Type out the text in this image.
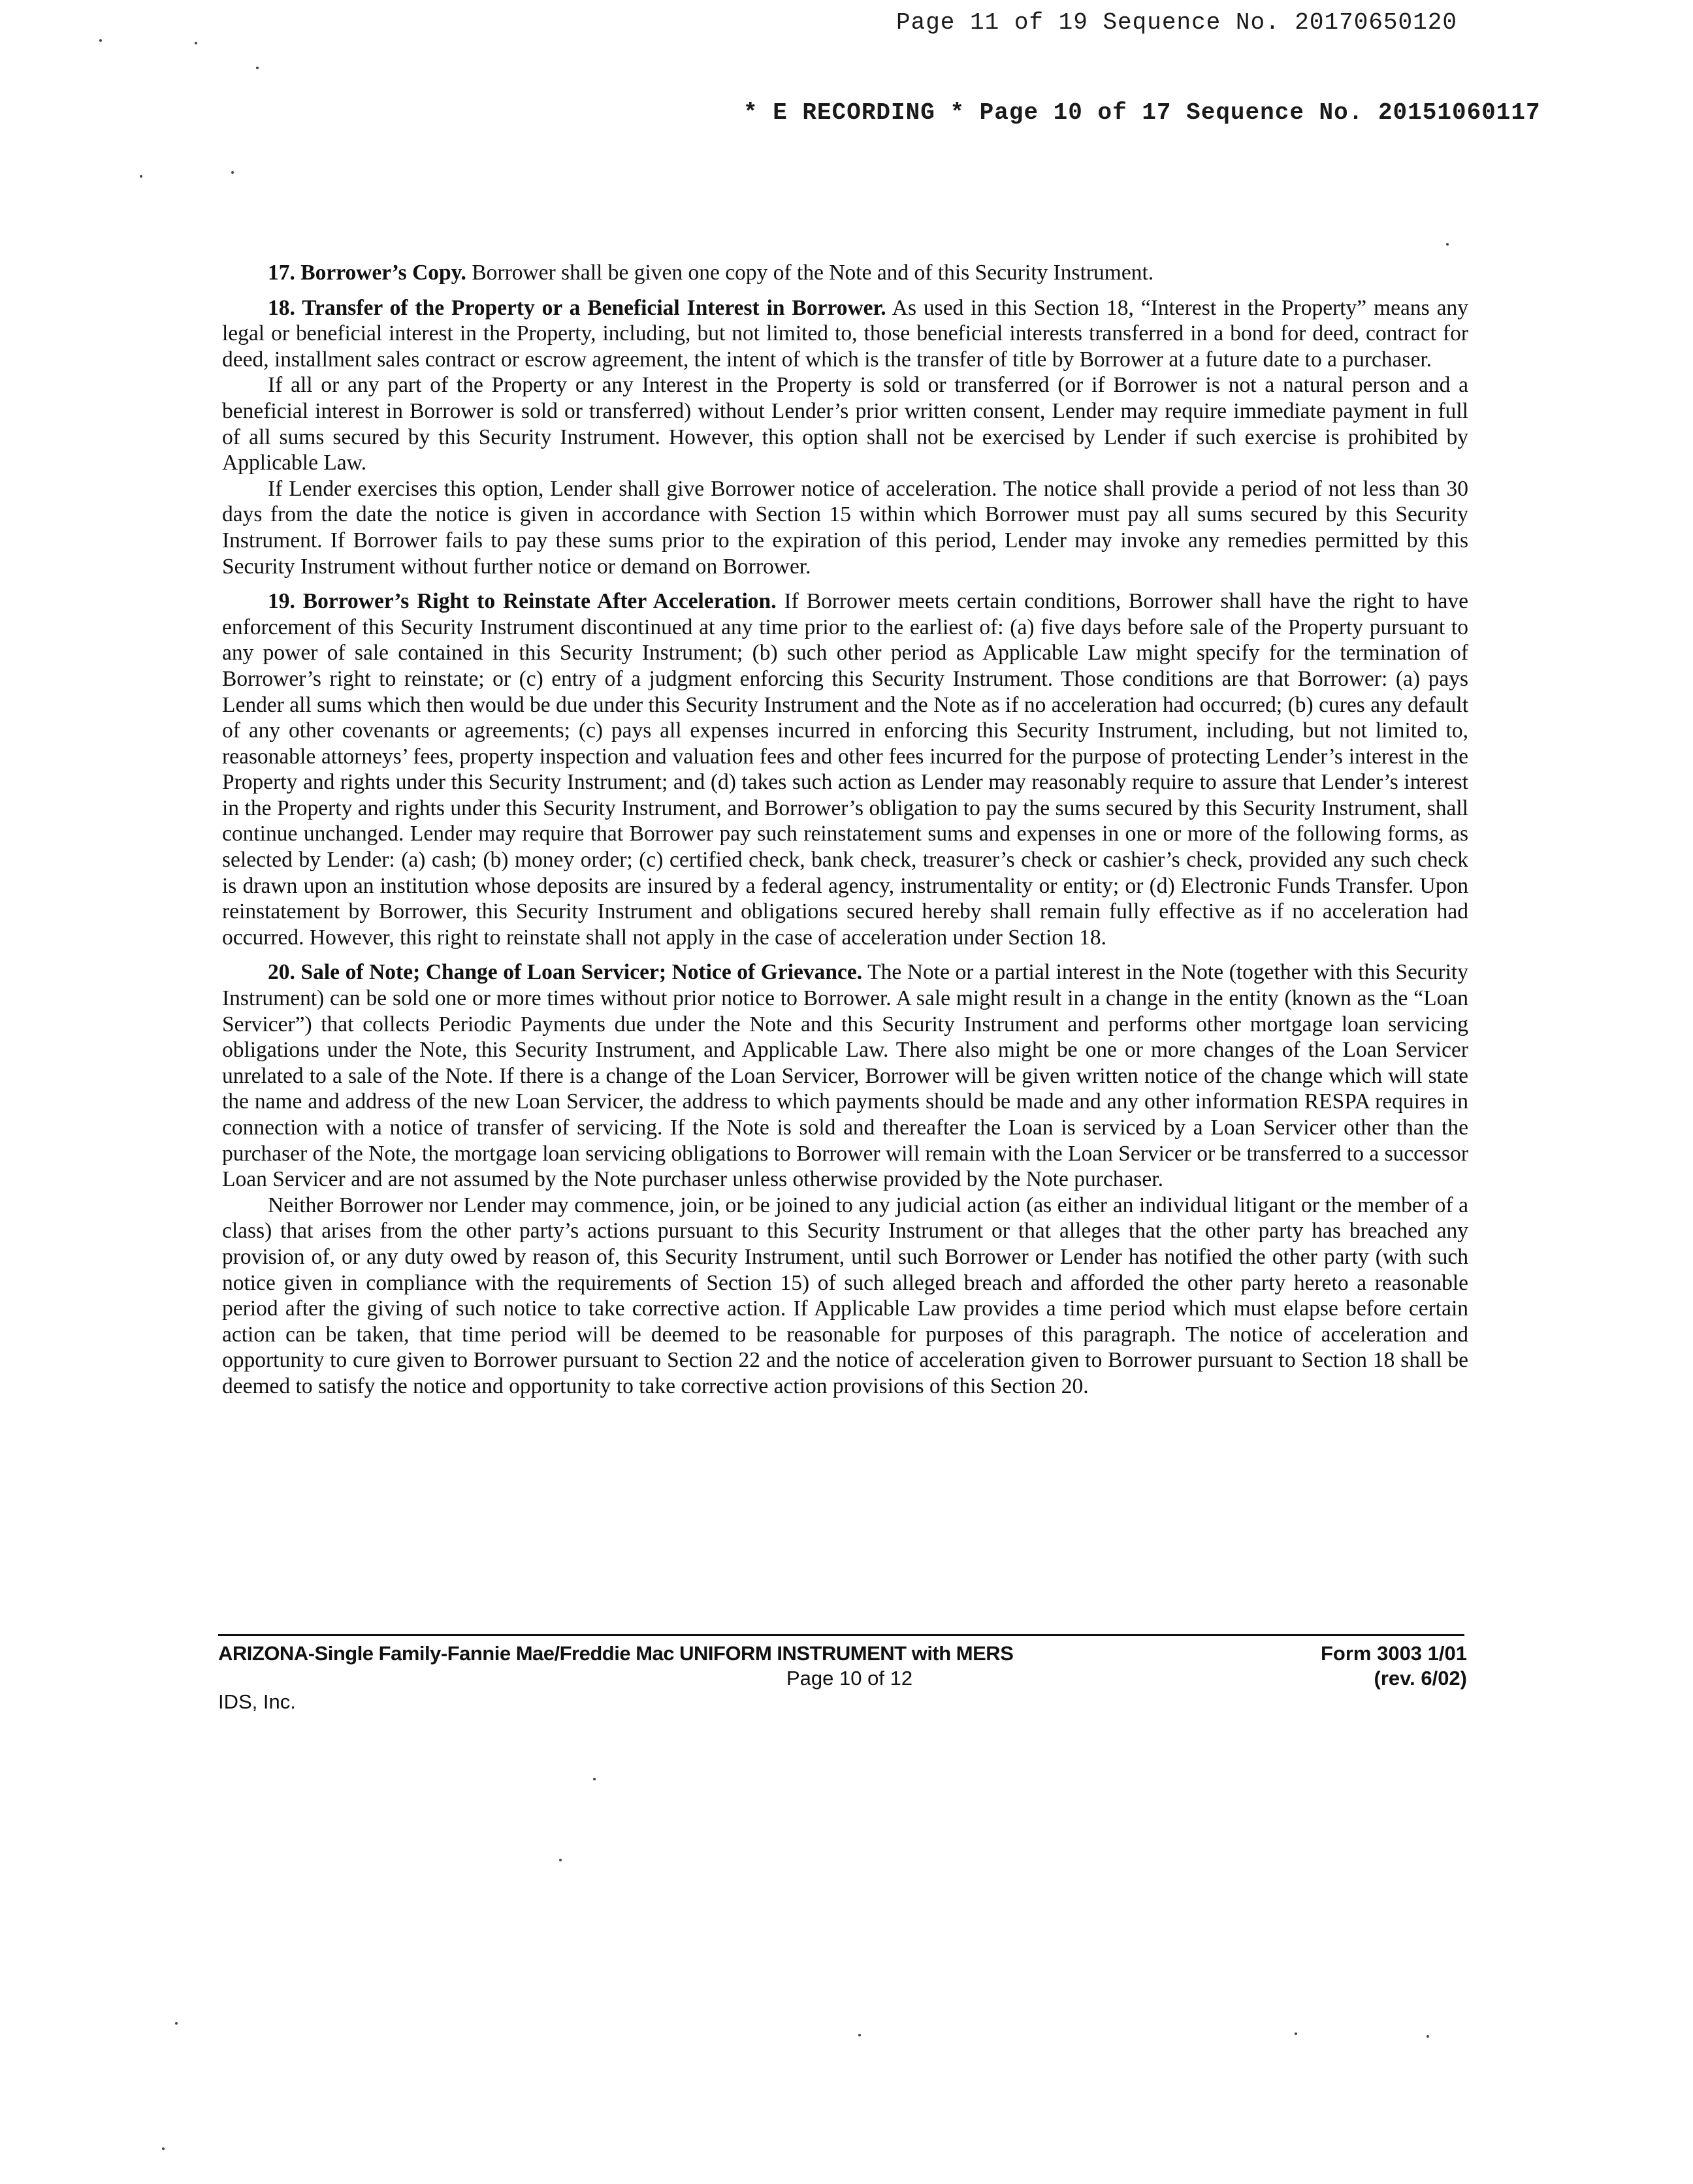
Page 11 of 19 Sequence No. 20170650120
* E RECORDING * Page 10 of 17 Sequence No. 20151060117

17. Borrower’s Copy. Borrower shall be given one copy of the Note and of this Security Instrument.

18. Transfer of the Property or a Beneficial Interest in Borrower. As used in this Section 18, “Interest in the Property” means any legal or beneficial interest in the Property, including, but not limited to, those beneficial interests transferred in a bond for deed, contract for deed, installment sales contract or escrow agreement, the intent of which is the transfer of title by Borrower at a future date to a purchaser.

If all or any part of the Property or any Interest in the Property is sold or transferred (or if Borrower is not a natural person and a beneficial interest in Borrower is sold or transferred) without Lender’s prior written consent, Lender may require immediate payment in full of all sums secured by this Security Instrument. However, this option shall not be exercised by Lender if such exercise is prohibited by Applicable Law.

If Lender exercises this option, Lender shall give Borrower notice of acceleration. The notice shall provide a period of not less than 30 days from the date the notice is given in accordance with Section 15 within which Borrower must pay all sums secured by this Security Instrument. If Borrower fails to pay these sums prior to the expiration of this period, Lender may invoke any remedies permitted by this Security Instrument without further notice or demand on Borrower.

19. Borrower’s Right to Reinstate After Acceleration. If Borrower meets certain conditions, Borrower shall have the right to have enforcement of this Security Instrument discontinued at any time prior to the earliest of: (a) five days before sale of the Property pursuant to any power of sale contained in this Security Instrument; (b) such other period as Applicable Law might specify for the termination of Borrower’s right to reinstate; or (c) entry of a judgment enforcing this Security Instrument. Those conditions are that Borrower: (a) pays Lender all sums which then would be due under this Security Instrument and the Note as if no acceleration had occurred; (b) cures any default of any other covenants or agreements; (c) pays all expenses incurred in enforcing this Security Instrument, including, but not limited to, reasonable attorneys’ fees, property inspection and valuation fees and other fees incurred for the purpose of protecting Lender’s interest in the Property and rights under this Security Instrument; and (d) takes such action as Lender may reasonably require to assure that Lender’s interest in the Property and rights under this Security Instrument, and Borrower’s obligation to pay the sums secured by this Security Instrument, shall continue unchanged. Lender may require that Borrower pay such reinstatement sums and expenses in one or more of the following forms, as selected by Lender: (a) cash; (b) money order; (c) certified check, bank check, treasurer’s check or cashier’s check, provided any such check is drawn upon an institution whose deposits are insured by a federal agency, instrumentality or entity; or (d) Electronic Funds Transfer. Upon reinstatement by Borrower, this Security Instrument and obligations secured hereby shall remain fully effective as if no acceleration had occurred. However, this right to reinstate shall not apply in the case of acceleration under Section 18.

20. Sale of Note; Change of Loan Servicer; Notice of Grievance. The Note or a partial interest in the Note (together with this Security Instrument) can be sold one or more times without prior notice to Borrower. A sale might result in a change in the entity (known as the “Loan Servicer”) that collects Periodic Payments due under the Note and this Security Instrument and performs other mortgage loan servicing obligations under the Note, this Security Instrument, and Applicable Law. There also might be one or more changes of the Loan Servicer unrelated to a sale of the Note. If there is a change of the Loan Servicer, Borrower will be given written notice of the change which will state the name and address of the new Loan Servicer, the address to which payments should be made and any other information RESPA requires in connection with a notice of transfer of servicing. If the Note is sold and thereafter the Loan is serviced by a Loan Servicer other than the purchaser of the Note, the mortgage loan servicing obligations to Borrower will remain with the Loan Servicer or be transferred to a successor Loan Servicer and are not assumed by the Note purchaser unless otherwise provided by the Note purchaser.

Neither Borrower nor Lender may commence, join, or be joined to any judicial action (as either an individual litigant or the member of a class) that arises from the other party’s actions pursuant to this Security Instrument or that alleges that the other party has breached any provision of, or any duty owed by reason of, this Security Instrument, until such Borrower or Lender has notified the other party (with such notice given in compliance with the requirements of Section 15) of such alleged breach and afforded the other party hereto a reasonable period after the giving of such notice to take corrective action. If Applicable Law provides a time period which must elapse before certain action can be taken, that time period will be deemed to be reasonable for purposes of this paragraph. The notice of acceleration and opportunity to cure given to Borrower pursuant to Section 22 and the notice of acceleration given to Borrower pursuant to Section 18 shall be deemed to satisfy the notice and opportunity to take corrective action provisions of this Section 20.

ARIZONA-Single Family-Fannie Mae/Freddie Mac UNIFORM INSTRUMENT with MERS
Page 10 of 12
IDS, Inc.
Form 3003 1/01
(rev. 6/02)
